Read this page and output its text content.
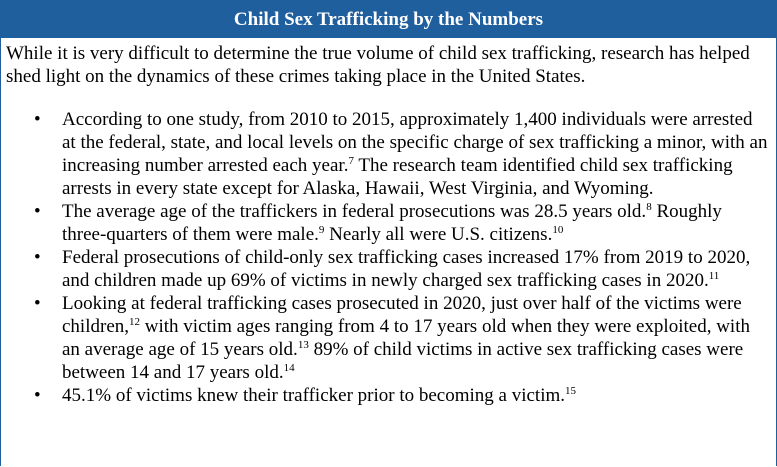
Child Sex Trafficking by the Numbers

While it is very difficult to determine the true volume of child sex trafficking, research has helped shed light on the dynamics of these crimes taking place in the United States.

• According to one study, from 2010 to 2015, approximately 1,400 individuals were arrested at the federal, state, and local levels on the specific charge of sex trafficking a minor, with an increasing number arrested each year.$^7$ The research team identified child sex trafficking arrests in every state except for Alaska, Hawaii, West Virginia, and Wyoming.
• The average age of the traffickers in federal prosecutions was 28.5 years old.$^8$ Roughly three-quarters of them were male.$^9$ Nearly all were U.S. citizens.$^{10}$
• Federal prosecutions of child-only sex trafficking cases increased 17% from 2019 to 2020, and children made up 69% of victims in newly charged sex trafficking cases in 2020.11
• Looking at federal trafficking cases prosecuted in 2020, just over half of the victims were children,$^{12}$ with victim ages ranging from 4 to 17 years old when they were exploited, with an average age of 15 years old.$^{13}$ 89% of child victims in active sex trafficking cases were between 14 and 17 years old.$^{14}$
• 45.1% of victims knew their trafficker prior to becoming a victim.$^{15}$
